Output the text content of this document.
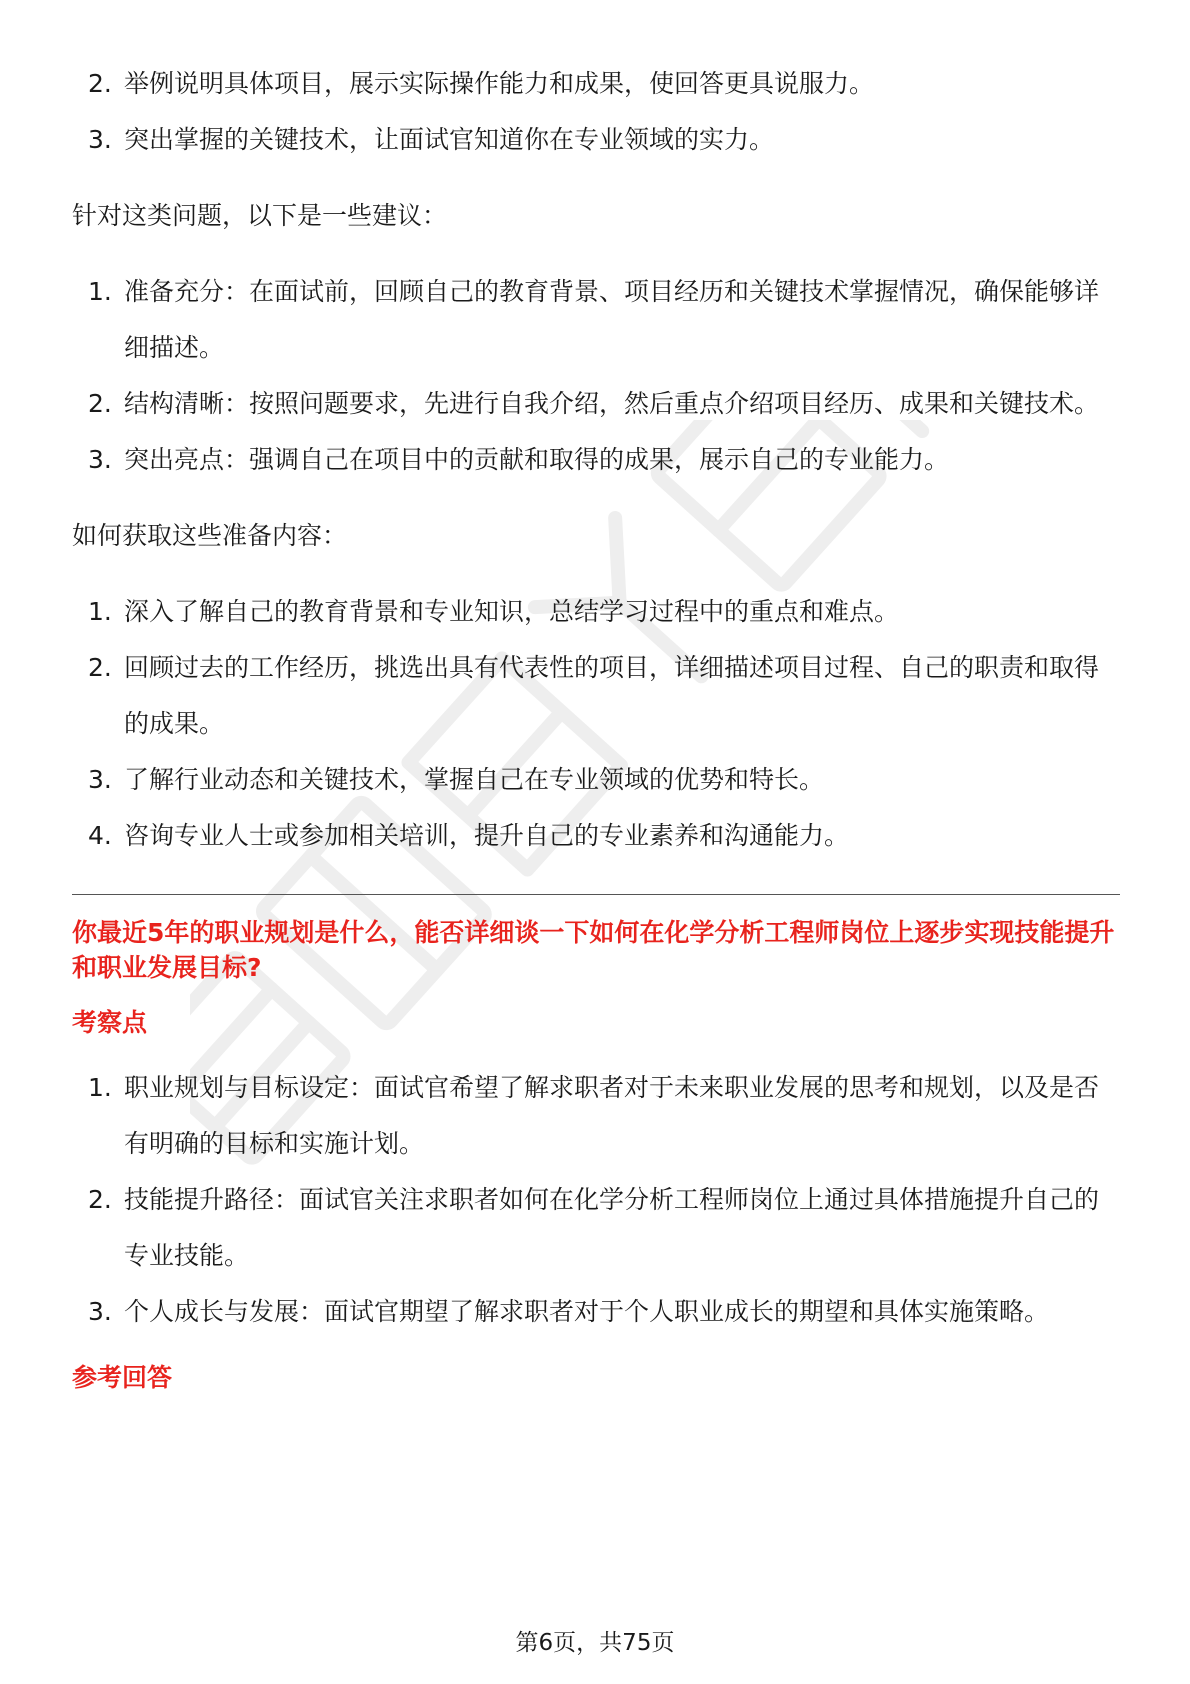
2. 举例说明具体项目，展示实际操作能力和成果，使回答更具说服力。
3. 突出掌握的关键技术，让面试官知道你在专业领域的实力。

针对这类问题，以下是一些建议：

1. 准备充分：在面试前，回顾自己的教育背景、项目经历和关键技术掌握情况，确保能够详细描述。
2. 结构清晰：按照问题要求，先进行自我介绍，然后重点介绍项目经历、成果和关键技术。
3. 突出亮点：强调自己在项目中的贡献和取得的成果，展示自己的专业能力。

如何获取这些准备内容：

1. 深入了解自己的教育背景和专业知识，总结学习过程中的重点和难点。
2. 回顾过去的工作经历，挑选出具有代表性的项目，详细描述项目过程、自己的职责和取得的成果。
3. 了解行业动态和关键技术，掌握自己在专业领域的优势和特长。
4. 咨询专业人士或参加相关培训，提升自己的专业素养和沟通能力。

你最近5年的职业规划是什么，能否详细谈一下如何在化学分析工程师岗位上逐步实现技能提升和职业发展目标?

考察点

1. 职业规划与目标设定：面试官希望了解求职者对于未来职业发展的思考和规划，以及是否有明确的目标和实施计划。
2. 技能提升路径：面试官关注求职者如何在化学分析工程师岗位上通过具体措施提升自己的专业技能。
3. 个人成长与发展：面试官期望了解求职者对于个人职业成长的期望和具体实施策略。

参考回答

第6页，共75页
